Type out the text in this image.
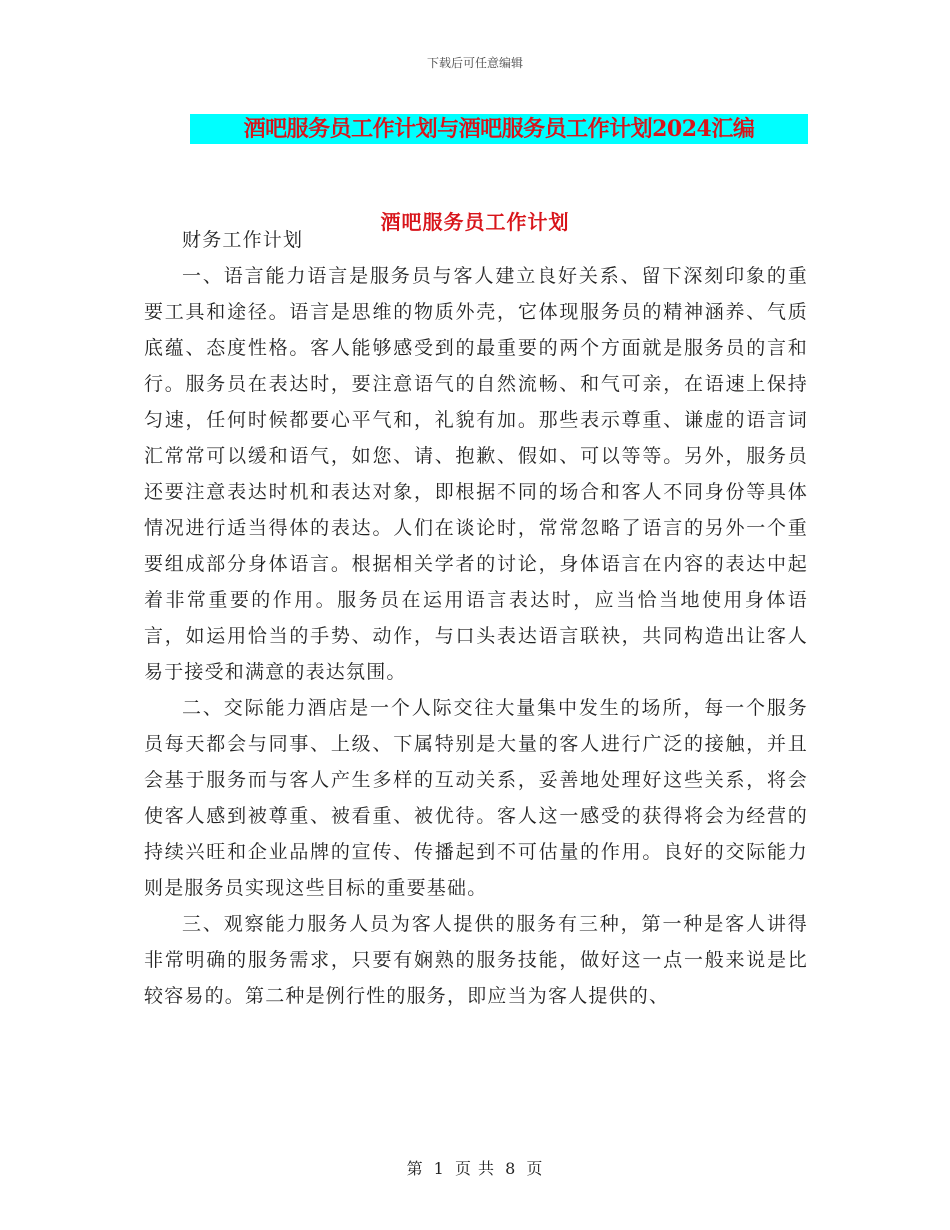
下载后可任意编辑
酒吧服务员工作计划与酒吧服务员工作计划2024汇编
酒吧服务员工作计划

财务工作计划

一、语言能力语言是服务员与客人建立良好关系、留下深刻印象的重要工具和途径。语言是思维的物质外壳，它体现服务员的精神涵养、气质底蕴、态度性格。客人能够感受到的最重要的两个方面就是服务员的言和行。服务员在表达时，要注意语气的自然流畅、和气可亲，在语速上保持匀速，任何时候都要心平气和，礼貌有加。那些表示尊重、谦虚的语言词汇常常可以缓和语气，如您、请、抱歉、假如、可以等等。另外，服务员还要注意表达时机和表达对象，即根据不同的场合和客人不同身份等具体情况进行适当得体的表达。人们在谈论时，常常忽略了语言的另外一个重要组成部分身体语言。根据相关学者的讨论，身体语言在内容的表达中起着非常重要的作用。服务员在运用语言表达时，应当恰当地使用身体语言，如运用恰当的手势、动作，与口头表达语言联袂，共同构造出让客人易于接受和满意的表达氛围。

二、交际能力酒店是一个人际交往大量集中发生的场所，每一个服务员每天都会与同事、上级、下属特别是大量的客人进行广泛的接触，并且会基于服务而与客人产生多样的互动关系，妥善地处理好这些关系，将会使客人感到被尊重、被看重、被优待。客人这一感受的获得将会为经营的持续兴旺和企业品牌的宣传、传播起到不可估量的作用。良好的交际能力则是服务员实现这些目标的重要基础。

三、观察能力服务人员为客人提供的服务有三种，第一种是客人讲得非常明确的服务需求，只要有娴熟的服务技能，做好这一点一般来说是比较容易的。第二种是例行性的服务，即应当为客人提供的、

第 1 页 共 8 页
